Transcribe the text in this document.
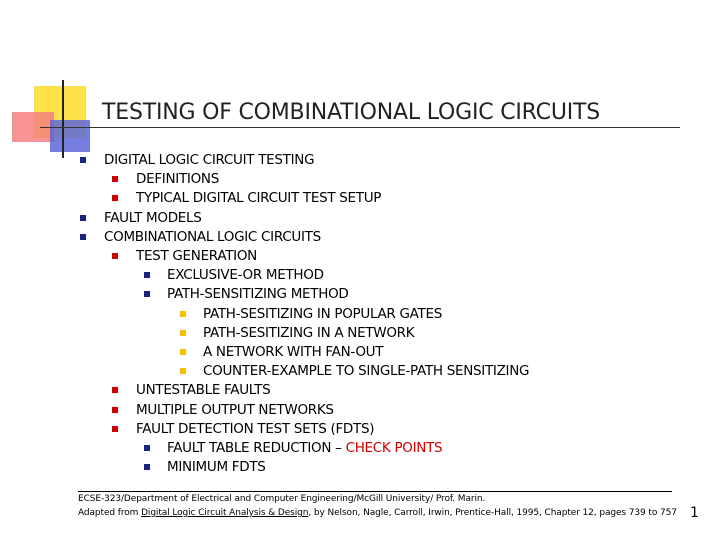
TESTING OF COMBINATIONAL LOGIC CIRCUITS
DIGITAL LOGIC CIRCUIT TESTING
DEFINITIONS
TYPICAL DIGITAL CIRCUIT TEST SETUP
FAULT MODELS
COMBINATIONAL LOGIC CIRCUITS
TEST GENERATION
EXCLUSIVE-OR METHOD
PATH-SENSITIZING METHOD
PATH-SESITIZING IN POPULAR GATES
PATH-SESITIZING IN A NETWORK
A NETWORK WITH FAN-OUT
COUNTER-EXAMPLE TO SINGLE-PATH SENSITIZING
UNTESTABLE FAULTS
MULTIPLE OUTPUT NETWORKS
FAULT DETECTION TEST SETS (FDTS)
FAULT TABLE REDUCTION – CHECK POINTS
MINIMUM FDTS
ECSE-323/Department of Electrical and Computer Engineering/McGill University/ Prof. Marin.
Adapted from Digital Logic Circuit Analysis & Design, by Nelson, Nagle, Carroll, Irwin, Prentice-Hall, 1995, Chapter 12, pages 739 to 757 1
